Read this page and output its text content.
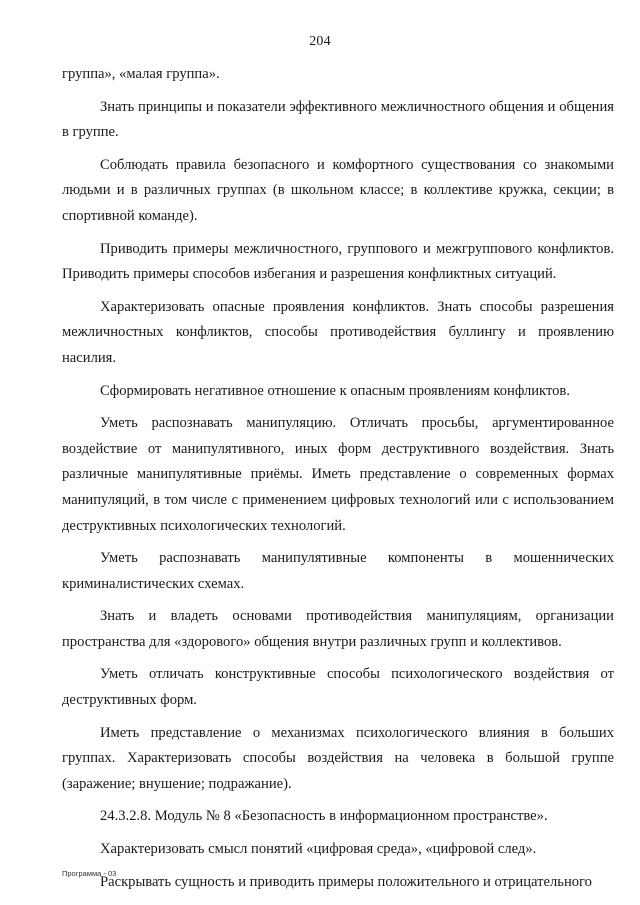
204

группа», «малая группа».

Знать принципы и показатели эффективного межличностного общения и общения в группе.

Соблюдать правила безопасного и комфортного существования со знакомыми людьми и в различных группах (в школьном классе; в коллективе кружка, секции; в спортивной команде).

Приводить примеры межличностного, группового и межгруппового конфликтов. Приводить примеры способов избегания и разрешения конфликтных ситуаций.

Характеризовать опасные проявления конфликтов. Знать способы разрешения межличностных конфликтов, способы противодействия буллингу и проявлению насилия.

Сформировать негативное отношение к опасным проявлениям конфликтов.

Уметь распознавать манипуляцию. Отличать просьбы, аргументированное воздействие от манипулятивного, иных форм деструктивного воздействия. Знать различные манипулятивные приёмы. Иметь представление о современных формах манипуляций, в том числе с применением цифровых технологий или с использованием деструктивных психологических технологий.

Уметь распознавать манипулятивные компоненты в мошеннических криминалистических схемах.

Знать и владеть основами противодействия манипуляциям, организации пространства для «здорового» общения внутри различных групп и коллективов.

Уметь отличать конструктивные способы психологического воздействия от деструктивных форм.

Иметь представление о механизмах психологического влияния в больших группах. Характеризовать способы воздействия на человека в большой группе (заражение; внушение; подражание).

24.3.2.8. Модуль № 8 «Безопасность в информационном пространстве».

Характеризовать смысл понятий «цифровая среда», «цифровой след».

Раскрывать сущность и приводить примеры положительного и отрицательного

Программа - 03
